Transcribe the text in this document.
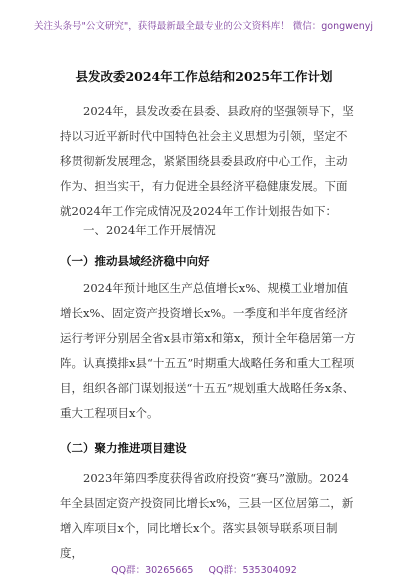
关注头条号"公文研究"，获得最新最全最专业的公文资料库！ 微信：gongwenyj
县发改委2024年工作总结和2025年工作计划

2024年，县发改委在县委、县政府的坚强领导下，坚持以习近平新时代中国特色社会主义思想为引领，坚定不移贯彻新发展理念，紧紧围绕县委县政府中心工作，主动作为、担当实干，有力促进全县经济平稳健康发展。下面就2024年工作完成情况及2024年工作计划报告如下：

一、2024年工作开展情况
（一）推动县域经济稳中向好

2024年预计地区生产总值增长x%、规模工业增加值增长x%、固定资产投资增长x%。一季度和半年度省经济运行考评分别居全省x县市第x和第x，预计全年稳居第一方阵。认真摸排x县“十五五”时期重大战略任务和重大工程项目，组织各部门谋划报送“十五五”规划重大战略任务x条、重大工程项目x个。

（二）聚力推进项目建设

2023年第四季度获得省政府投资“赛马”激励。2024年全县固定资产投资同比增长x%，三县一区位居第二，新增入库项目x个，同比增长x个。落实县领导联系项目制度，

QQ群：30265665 QQ群：535304092
